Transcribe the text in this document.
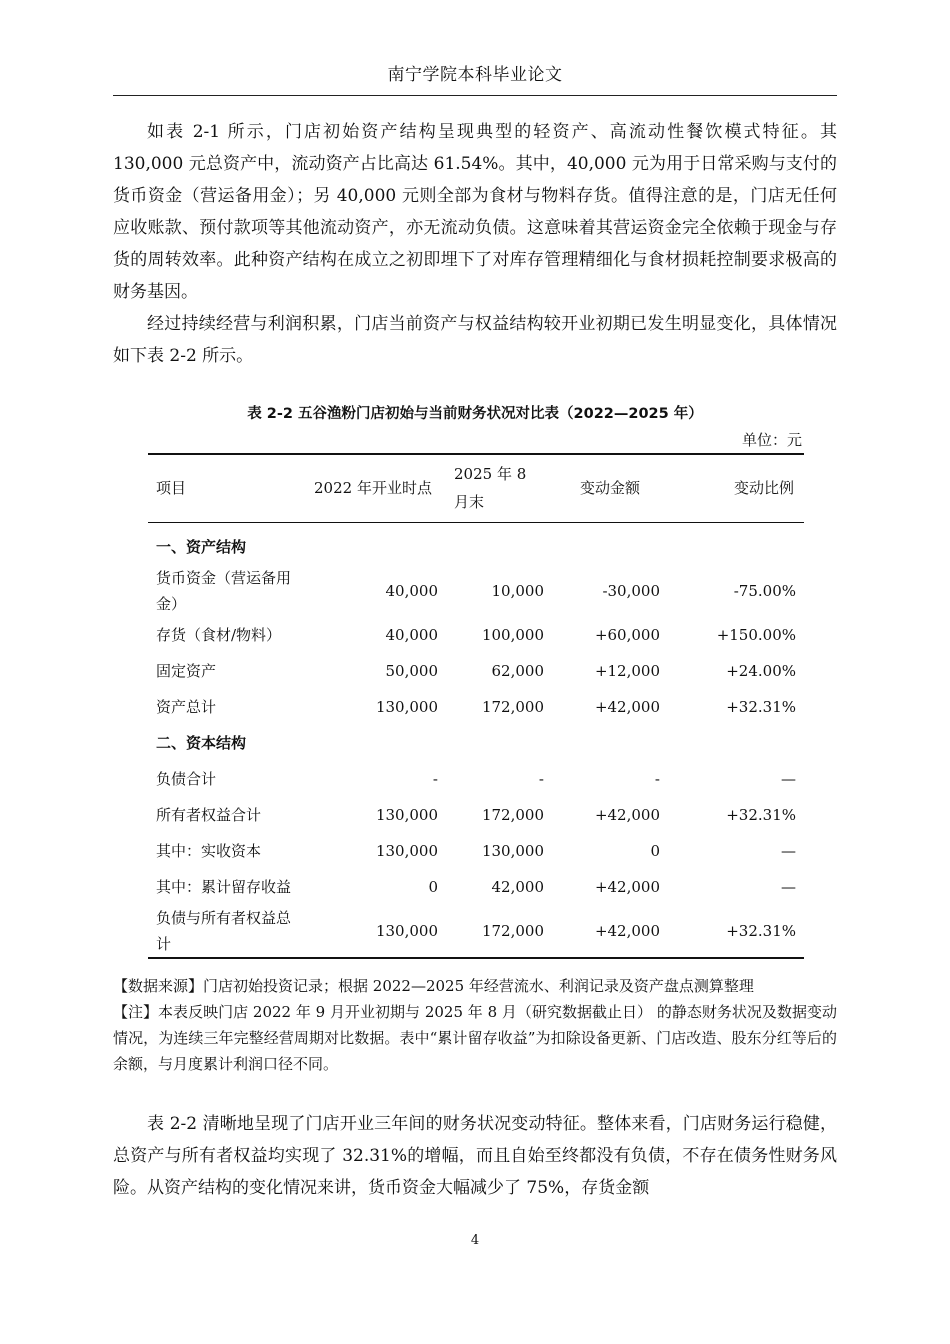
南宁学院本科毕业论文

如表 2-1 所示，门店初始资产结构呈现典型的轻资产、高流动性餐饮模式特征。其 130,000 元总资产中，流动资产占比高达 61.54%。其中，40,000 元为用于日常采购与支付的货币资金（营运备用金）；另 40,000 元则全部为食材与物料存货。值得注意的是，门店无任何应收账款、预付款项等其他流动资产，亦无流动负债。这意味着其营运资金完全依赖于现金与存货的周转效率。此种资产结构在成立之初即埋下了对库存管理精细化与食材损耗控制要求极高的财务基因。

经过持续经营与利润积累，门店当前资产与权益结构较开业初期已发生明显变化，具体情况如下表 2-2 所示。

表 2-2 五谷渔粉门店初始与当前财务状况对比表（2022—2025 年）
单位：元
项目	2022 年开业时点	2025 年 8 月末	变动金额	变动比例
一、资产结构				
货币资金（营运备用金）	40,000	10,000	-30,000	-75.00%
存货（食材/物料）	40,000	100,000	+60,000	+150.00%
固定资产	50,000	62,000	+12,000	+24.00%
资产总计	130,000	172,000	+42,000	+32.31%
二、资本结构				
负债合计	-	-	-	—
所有者权益合计	130,000	172,000	+42,000	+32.31%
其中：实收资本	130,000	130,000	0	—
其中：累计留存收益	0	42,000	+42,000	—
负债与所有者权益总计	130,000	172,000	+42,000	+32.31%

【数据来源】门店初始投资记录；根据 2022—2025 年经营流水、利润记录及资产盘点测算整理

【注】本表反映门店 2022 年 9 月开业初期与 2025 年 8 月（研究数据截止日） 的静态财务状况及数据变动情况，为连续三年完整经营周期对比数据。表中“累计留存收益”为扣除设备更新、门店改造、股东分红等后的余额，与月度累计利润口径不同。

表 2-2 清晰地呈现了门店开业三年间的财务状况变动特征。整体来看，门店财务运行稳健，总资产与所有者权益均实现了 32.31%的增幅，而且自始至终都没有负债，不存在债务性财务风险。从资产结构的变化情况来讲，货币资金大幅减少了 75%，存货金额

4
